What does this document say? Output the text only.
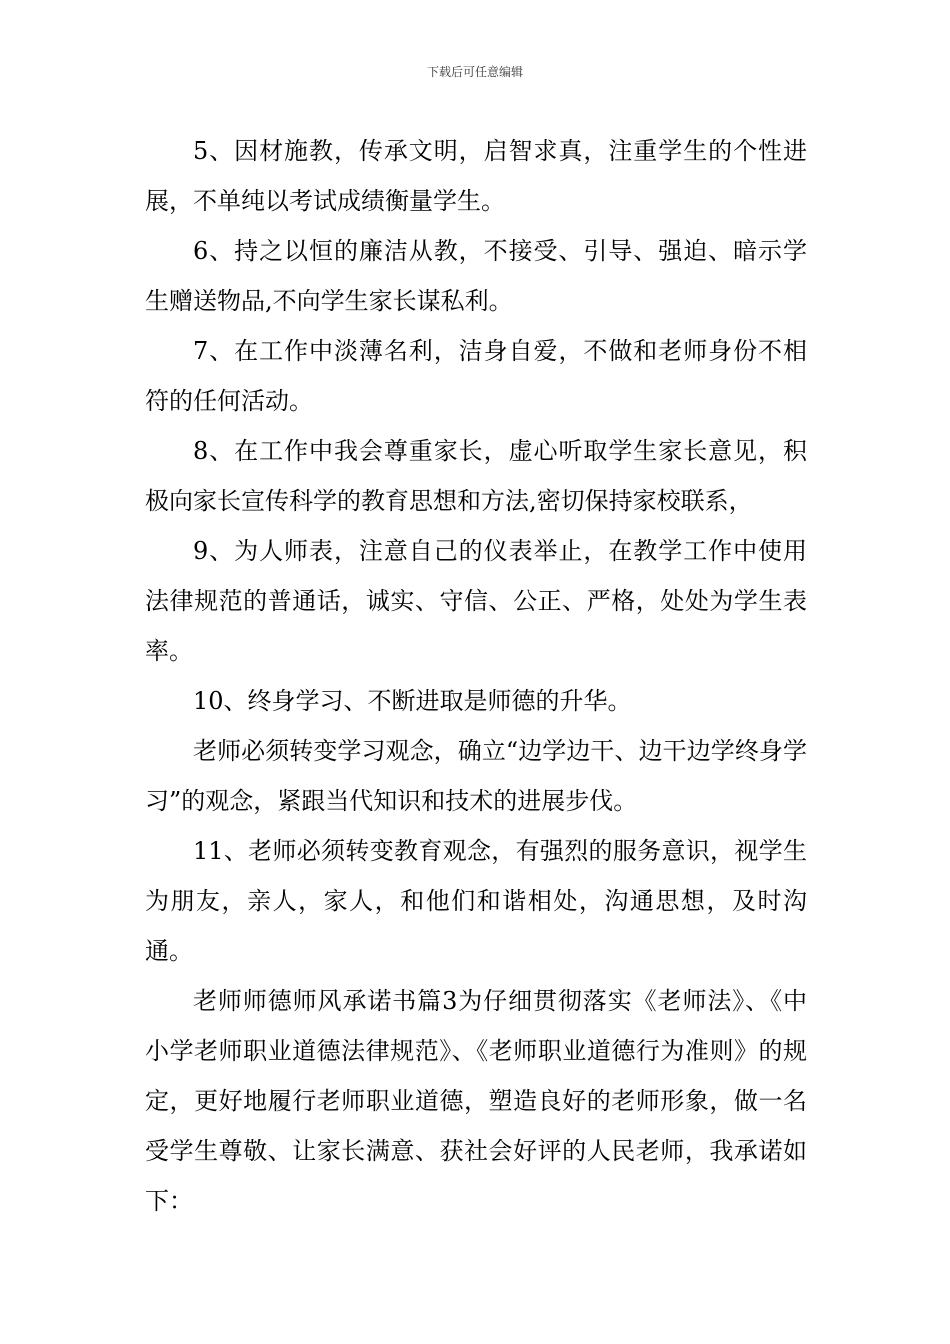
下载后可任意编辑

5、因材施教，传承文明，启智求真，注重学生的个性进展，不单纯以考试成绩衡量学生。

6、持之以恒的廉洁从教，不接受、引导、强迫、暗示学生赠送物品,不向学生家长谋私利。

7、在工作中淡薄名利，洁身自爱，不做和老师身份不相符的任何活动。

8、在工作中我会尊重家长，虚心听取学生家长意见，积极向家长宣传科学的教育思想和方法,密切保持家校联系，

9、为人师表，注意自己的仪表举止，在教学工作中使用法律规范的普通话，诚实、守信、公正、严格，处处为学生表率。

10、终身学习、不断进取是师德的升华。

老师必须转变学习观念，确立“边学边干、边干边学终身学习”的观念，紧跟当代知识和技术的进展步伐。

11、老师必须转变教育观念，有强烈的服务意识，视学生为朋友，亲人，家人，和他们和谐相处，沟通思想，及时沟通。

老师师德师风承诺书篇3为仔细贯彻落实《老师法》、《中小学老师职业道德法律规范》、《老师职业道德行为准则》的规定，更好地履行老师职业道德，塑造良好的老师形象，做一名受学生尊敬、让家长满意、获社会好评的人民老师，我承诺如下：
